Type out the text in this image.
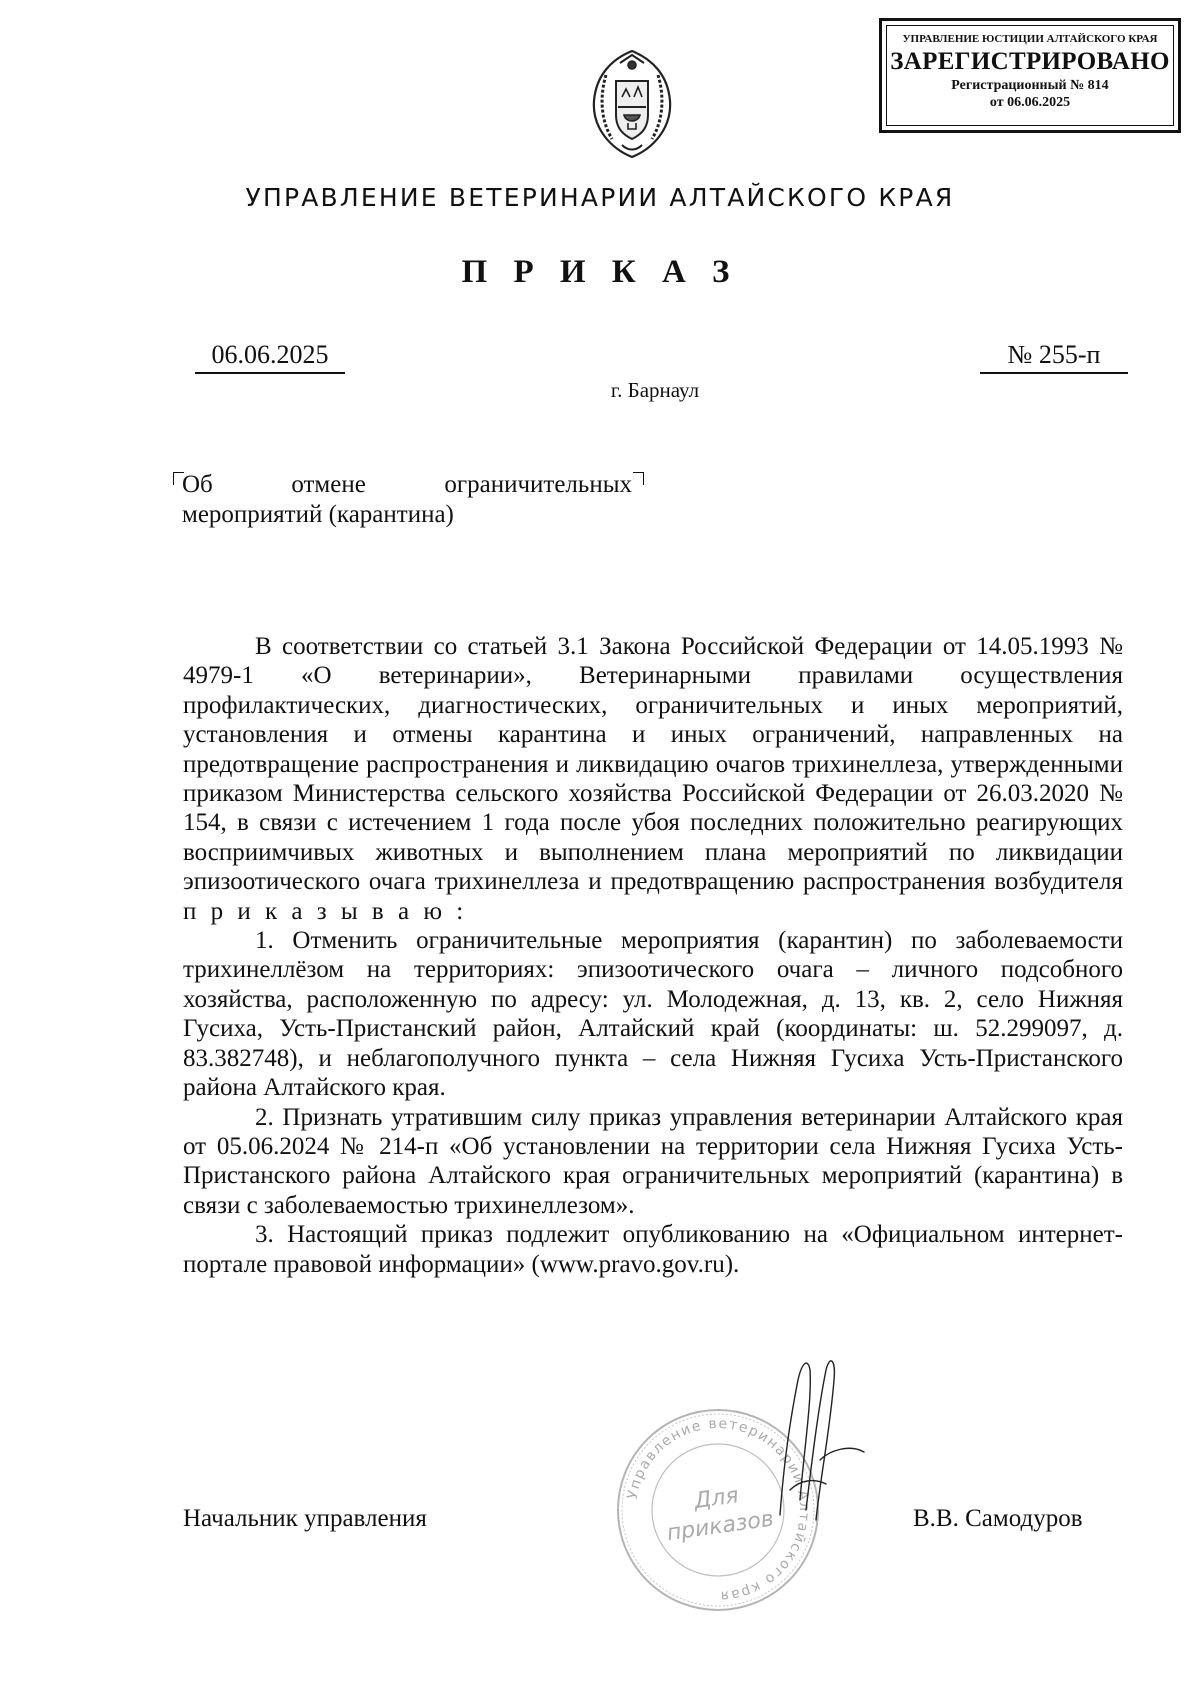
УПРАВЛЕНИЕ ЮСТИЦИИ АЛТАЙСКОГО КРАЯ
ЗАРЕГИСТРИРОВАНО
Регистрационный № 814
от 06.06.2025
УПРАВЛЕНИЕ ВЕТЕРИНАРИИ АЛТАЙСКОГО КРАЯ
П Р И К А З
06.06.2025	№ 255-п
г. Барнаул
Об отмене ограничительных
мероприятий (карантина)

В соответствии со статьей 3.1 Закона Российской Федерации от 14.05.1993 № 4979-1 «О ветеринарии», Ветеринарными правилами осуществления профилактических, диагностических, ограничительных и иных мероприятий, установления и отмены карантина и иных ограничений, направленных на предотвращение распространения и ликвидацию очагов трихинеллеза, утвержденными приказом Министерства сельского хозяйства Российской Федерации от 26.03.2020 № 154, в связи с истечением 1 года после убоя последних положительно реагирующих восприимчивых животных и выполнением плана мероприятий по ликвидации эпизоотического очага трихинеллеза и предотвращению распространения возбудителя п р и к а з ы в а ю :

1. Отменить ограничительные мероприятия (карантин) по заболеваемости трихинеллёзом на территориях: эпизоотического очага – личного подсобного хозяйства, расположенную по адресу: ул. Молодежная, д. 13, кв. 2, село Нижняя Гусиха, Усть-Пристанский район, Алтайский край (координаты: ш. 52.299097, д. 83.382748), и неблагополучного пункта – села Нижняя Гусиха Усть-Пристанского района Алтайского края.

2. Признать утратившим силу приказ управления ветеринарии Алтайского края от 05.06.2024 № 214-п «Об установлении на территории села Нижняя Гусиха Усть-Пристанского района Алтайского края ограничительных мероприятий (карантина) в связи с заболеваемостью трихинеллезом».

3. Настоящий приказ подлежит опубликованию на «Официальном интернет-портале правовой информации» (www.pravo.gov.ru).

Управление ветеринарии Алтайского края
Для
приказов
Начальник управления	В.В. Самодуров
